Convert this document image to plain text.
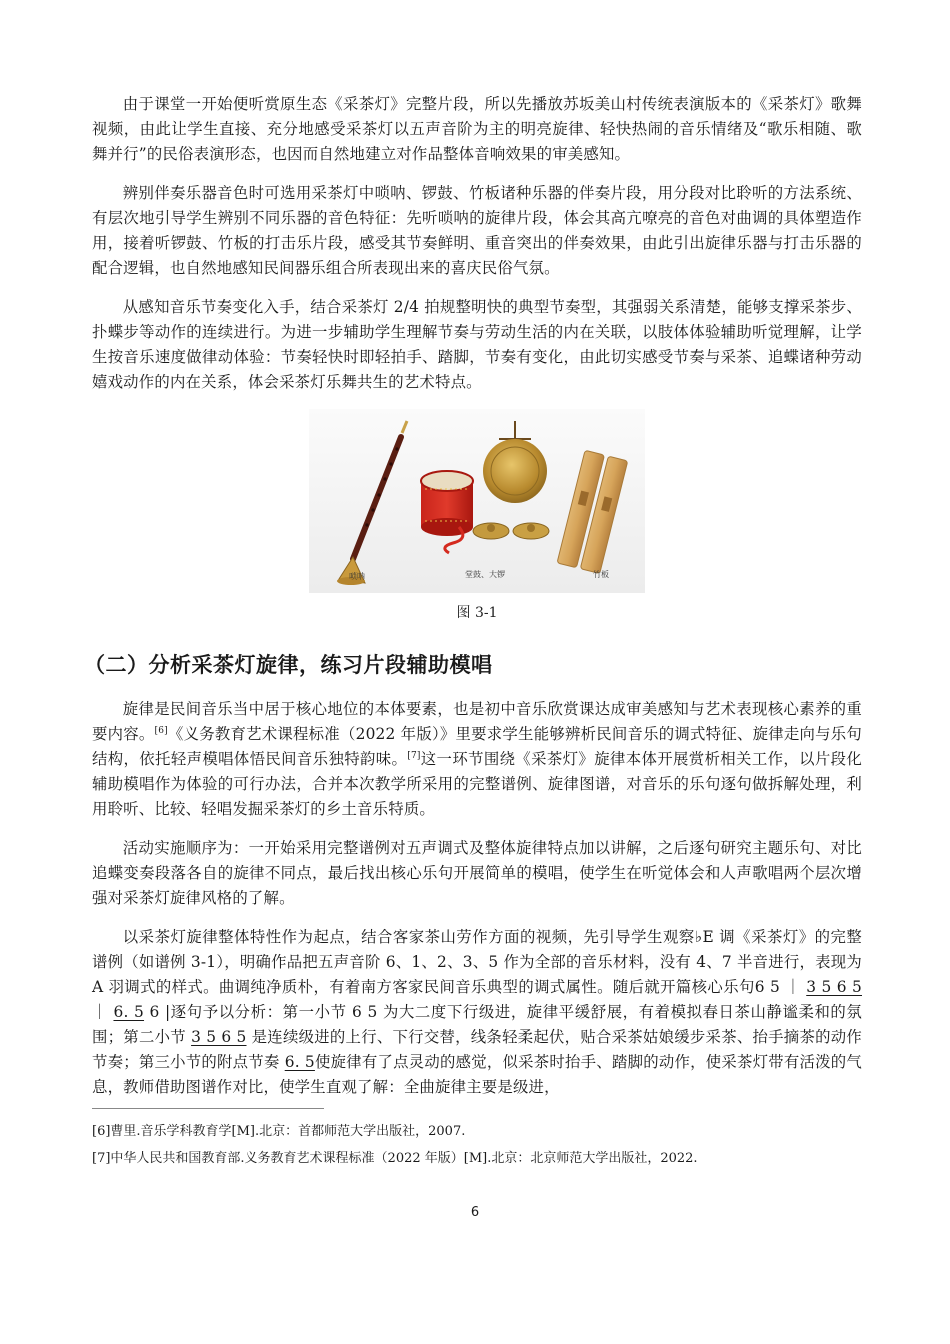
由于课堂一开始便听赏原生态《采茶灯》完整片段，所以先播放苏坂美山村传统表演版本的《采茶灯》歌舞视频，由此让学生直接、充分地感受采茶灯以五声音阶为主的明亮旋律、轻快热闹的音乐情绪及“歌乐相随、歌舞并行”的民俗表演形态，也因而自然地建立对作品整体音响效果的审美感知。

辨别伴奏乐器音色时可选用采茶灯中唢呐、锣鼓、竹板诸种乐器的伴奏片段，用分段对比聆听的方法系统、有层次地引导学生辨别不同乐器的音色特征：先听唢呐的旋律片段，体会其高亢嘹亮的音色对曲调的具体塑造作用，接着听锣鼓、竹板的打击乐片段，感受其节奏鲜明、重音突出的伴奏效果，由此引出旋律乐器与打击乐器的配合逻辑，也自然地感知民间器乐组合所表现出来的喜庆民俗气氛。

从感知音乐节奏变化入手，结合采茶灯 2/4 拍规整明快的典型节奏型，其强弱关系清楚，能够支撑采茶步、扑蝶步等动作的连续进行。为进一步辅助学生理解节奏与劳动生活的内在关联，以肢体体验辅助听觉理解，让学生按音乐速度做律动体验：节奏轻快时即轻拍手、踏脚，节奏有变化，由此切实感受节奏与采茶、追蝶诸种劳动嬉戏动作的内在关系，体会采茶灯乐舞共生的艺术特点。

唢呐	堂鼓、大锣	竹板
图 3-1
（二）分析采茶灯旋律，练习片段辅助模唱

旋律是民间音乐当中居于核心地位的本体要素，也是初中音乐欣赏课达成审美感知与艺术表现核心素养的重要内容。[6]《义务教育艺术课程标准（2022 年版）》里要求学生能够辨析民间音乐的调式特征、旋律走向与乐句结构，依托轻声模唱体悟民间音乐独特韵味。[7]这一环节围绕《采茶灯》旋律本体开展赏析相关工作，以片段化辅助模唱作为体验的可行办法，合并本次教学所采用的完整谱例、旋律图谱，对音乐的乐句逐句做拆解处理，利用聆听、比较、轻唱发掘采茶灯的乡土音乐特质。

活动实施顺序为：一开始采用完整谱例对五声调式及整体旋律特点加以讲解，之后逐句研究主题乐句、对比追蝶变奏段落各自的旋律不同点，最后找出核心乐句开展简单的模唱，使学生在听觉体会和人声歌唱两个层次增强对采茶灯旋律风格的了解。

以采茶灯旋律整体特性作为起点，结合客家茶山劳作方面的视频，先引导学生观察♭E 调《采茶灯》的完整谱例（如谱例 3-1），明确作品把五声音阶 6、1、2、3、5 作为全部的音乐材料，没有 4、7 半音进行，表现为 A 羽调式的样式。曲调纯净质朴，有着南方客家民间音乐典型的调式属性。随后就开篇核心乐句6 5 ｜ 3 5 6 5 ｜ 6. 5 6 |逐句予以分析：第一小节 6 5 为大二度下行级进，旋律平缓舒展，有着模拟春日茶山静谧柔和的氛围；第二小节 3 5 6 5 是连续级进的上行、下行交替，线条轻柔起伏，贴合采茶姑娘缓步采茶、抬手摘茶的动作节奏；第三小节的附点节奏 6. 5使旋律有了点灵动的感觉，似采茶时抬手、踏脚的动作，使采茶灯带有活泼的气息，教师借助图谱作对比，使学生直观了解：全曲旋律主要是级进，

[6]曹里.音乐学科教育学[M].北京：首都师范大学出版社，2007.
[7]中华人民共和国教育部.义务教育艺术课程标准（2022 年版）[M].北京：北京师范大学出版社，2022.
6
